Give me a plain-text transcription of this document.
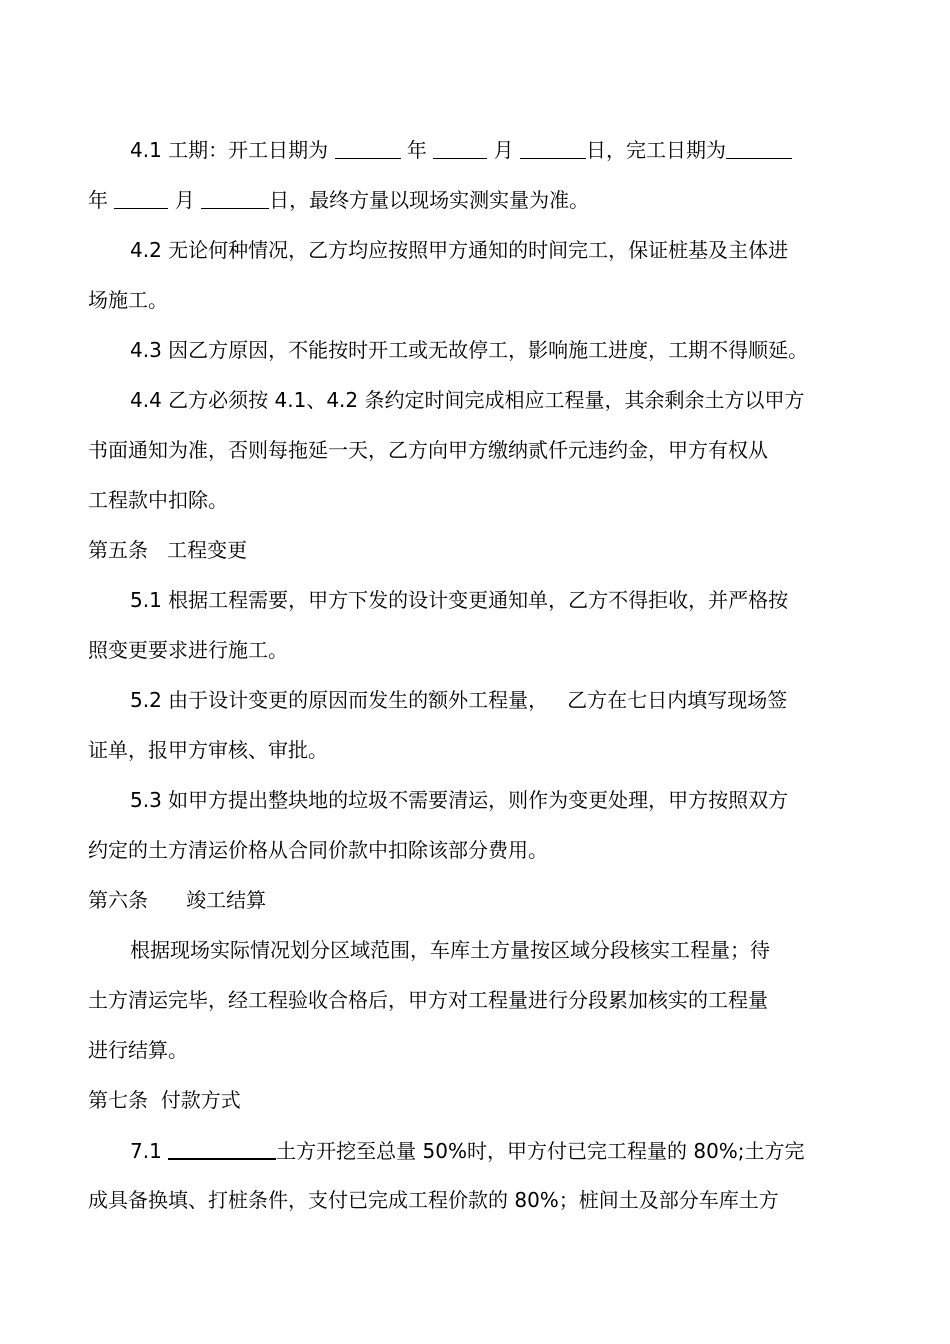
4.1 工期：开工日期为	年	月	日，完工日期为
年	月	日，最终方量以现场实测实量为准。
4.2 无论何种情况，乙方均应按照甲方通知的时间完工，保证桩基及主体进
场施工。
4.3 因乙方原因，不能按时开工或无故停工，影响施工进度，工期不得顺延。
4.4 乙方必须按 4.1、4.2 条约定时间完成相应工程量，其余剩余土方以甲方
书面通知为准，否则每拖延一天，乙方向甲方缴纳贰仟元违约金，甲方有权从
工程款中扣除。
第五条   工程变更
5.1 根据工程需要，甲方下发的设计变更通知单，乙方不得拒收，并严格按
照变更要求进行施工。
5.2 由于设计变更的原因而发生的额外工程量，   乙方在七日内填写现场签
证单，报甲方审核、审批。
5.3 如甲方提出整块地的垃圾不需要清运，则作为变更处理，甲方按照双方
约定的土方清运价格从合同价款中扣除该部分费用。
第六条      竣工结算
根据现场实际情况划分区域范围，车库土方量按区域分段核实工程量；待
土方清运完毕，经工程验收合格后，甲方对工程量进行分段累加核实的工程量
进行结算。
第七条  付款方式
7.1	土方开挖至总量 50%时，甲方付已完工程量的 80%;土方完
成具备换填、打桩条件，支付已完成工程价款的 80%；桩间土及部分车库土方
